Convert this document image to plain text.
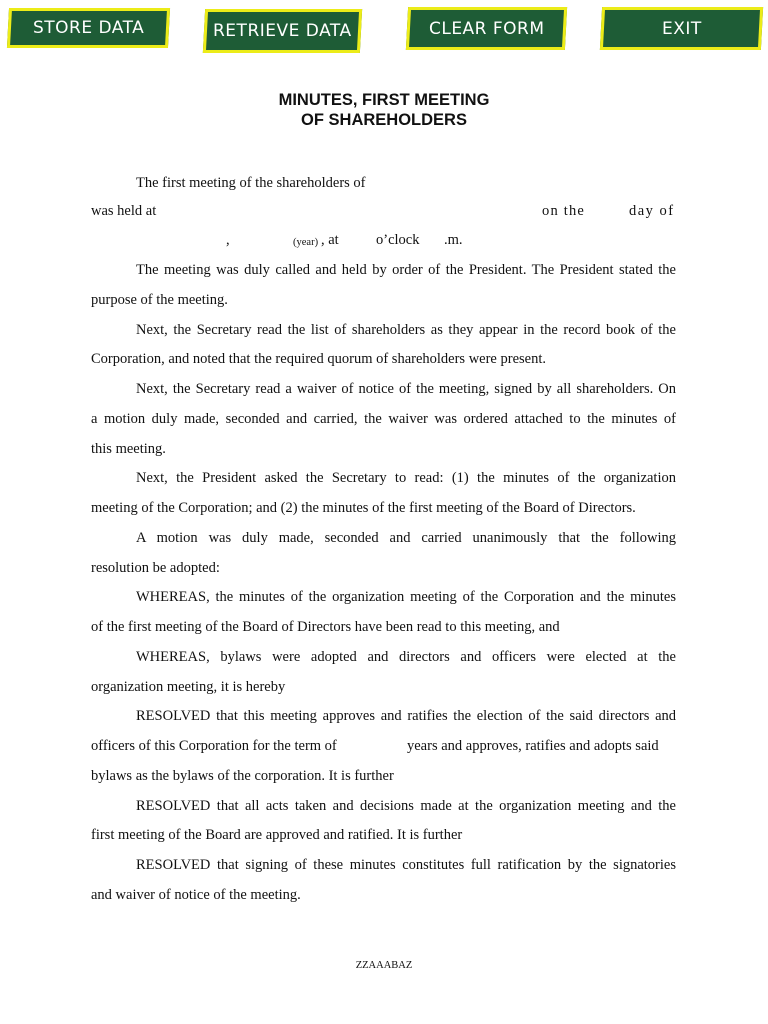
STORE DATA	RETRIEVE DATA	CLEAR FORM	EXIT
MINUTES, FIRST MEETING
OF SHAREHOLDERS
The first meeting of the shareholders of
was held at	on the	day of
,	(year) , at	o’clock .m.
The meeting was duly called and held by order of the President. The President stated the
purpose of the meeting.
Next, the Secretary read the list of shareholders as they appear in the record book of the
Corporation, and noted that the required quorum of shareholders were present.
Next, the Secretary read a waiver of notice of the meeting, signed by all shareholders. On
a motion duly made, seconded and carried, the waiver was ordered attached to the minutes of
this meeting.
Next, the President asked the Secretary to read: (1) the minutes of the organization
meeting of the Corporation; and (2) the minutes of the first meeting of the Board of Directors.
A motion was duly made, seconded and carried unanimously that the following
resolution be adopted:
WHEREAS, the minutes of the organization meeting of the Corporation and the minutes
of the first meeting of the Board of Directors have been read to this meeting, and
WHEREAS, bylaws were adopted and directors and officers were elected at the
organization meeting, it is hereby
RESOLVED that this meeting approves and ratifies the election of the said directors and
officers of this Corporation for the term of	years and approves, ratifies and adopts said
bylaws as the bylaws of the corporation. It is further
RESOLVED that all acts taken and decisions made at the organization meeting and the
first meeting of the Board are approved and ratified. It is further
RESOLVED that signing of these minutes constitutes full ratification by the signatories
and waiver of notice of the meeting.
ZZAAABAZ
